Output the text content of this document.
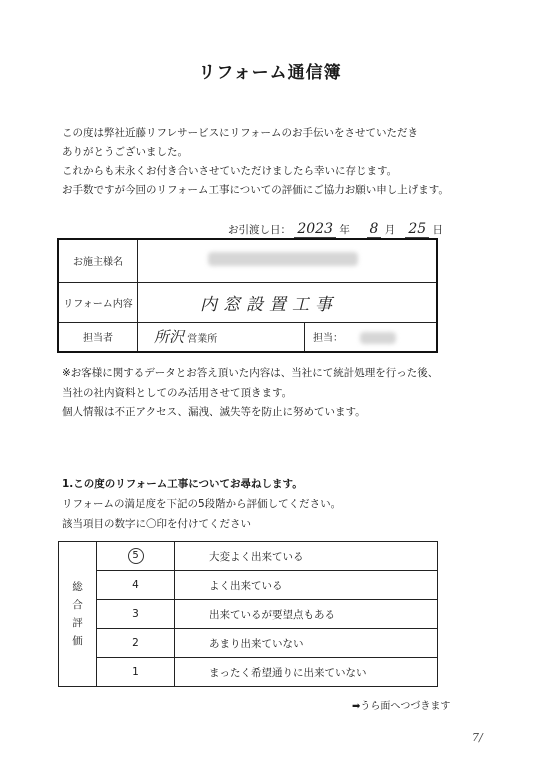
リフォーム通信簿
この度は弊社近藤リフレサービスにリフォームのお手伝いをさせていただき
ありがとうございました。
これからも末永くお付き合いさせていただけましたら幸いに存じます。
お手数ですが今回のリフォーム工事についての評価にご協力お願い申し上げます。
お引渡し日： 2023 年 8 月 25 日
お施主様名		
リフォーム内容	内窓設置工事	
担当者	所沢 営業所	担当：
※お客様に関するデータとお答え頂いた内容は、当社にて統計処理を行った後、
当社の社内資料としてのみ活用させて頂きます。
個人情報は不正アクセス、漏洩、滅失等を防止に努めています。
1.この度のリフォーム工事についてお尋ねします。
リフォームの満足度を下記の5段階から評価してください。
該当項目の数字に〇印を付けてください
総
合
評
価	5	大変よく出来ている
	4	よく出来ている
	3	出来ているが要望点もある
	2	あまり出来ていない
	1	まったく希望通りに出来ていない
➡うら面へつづきます
7/
